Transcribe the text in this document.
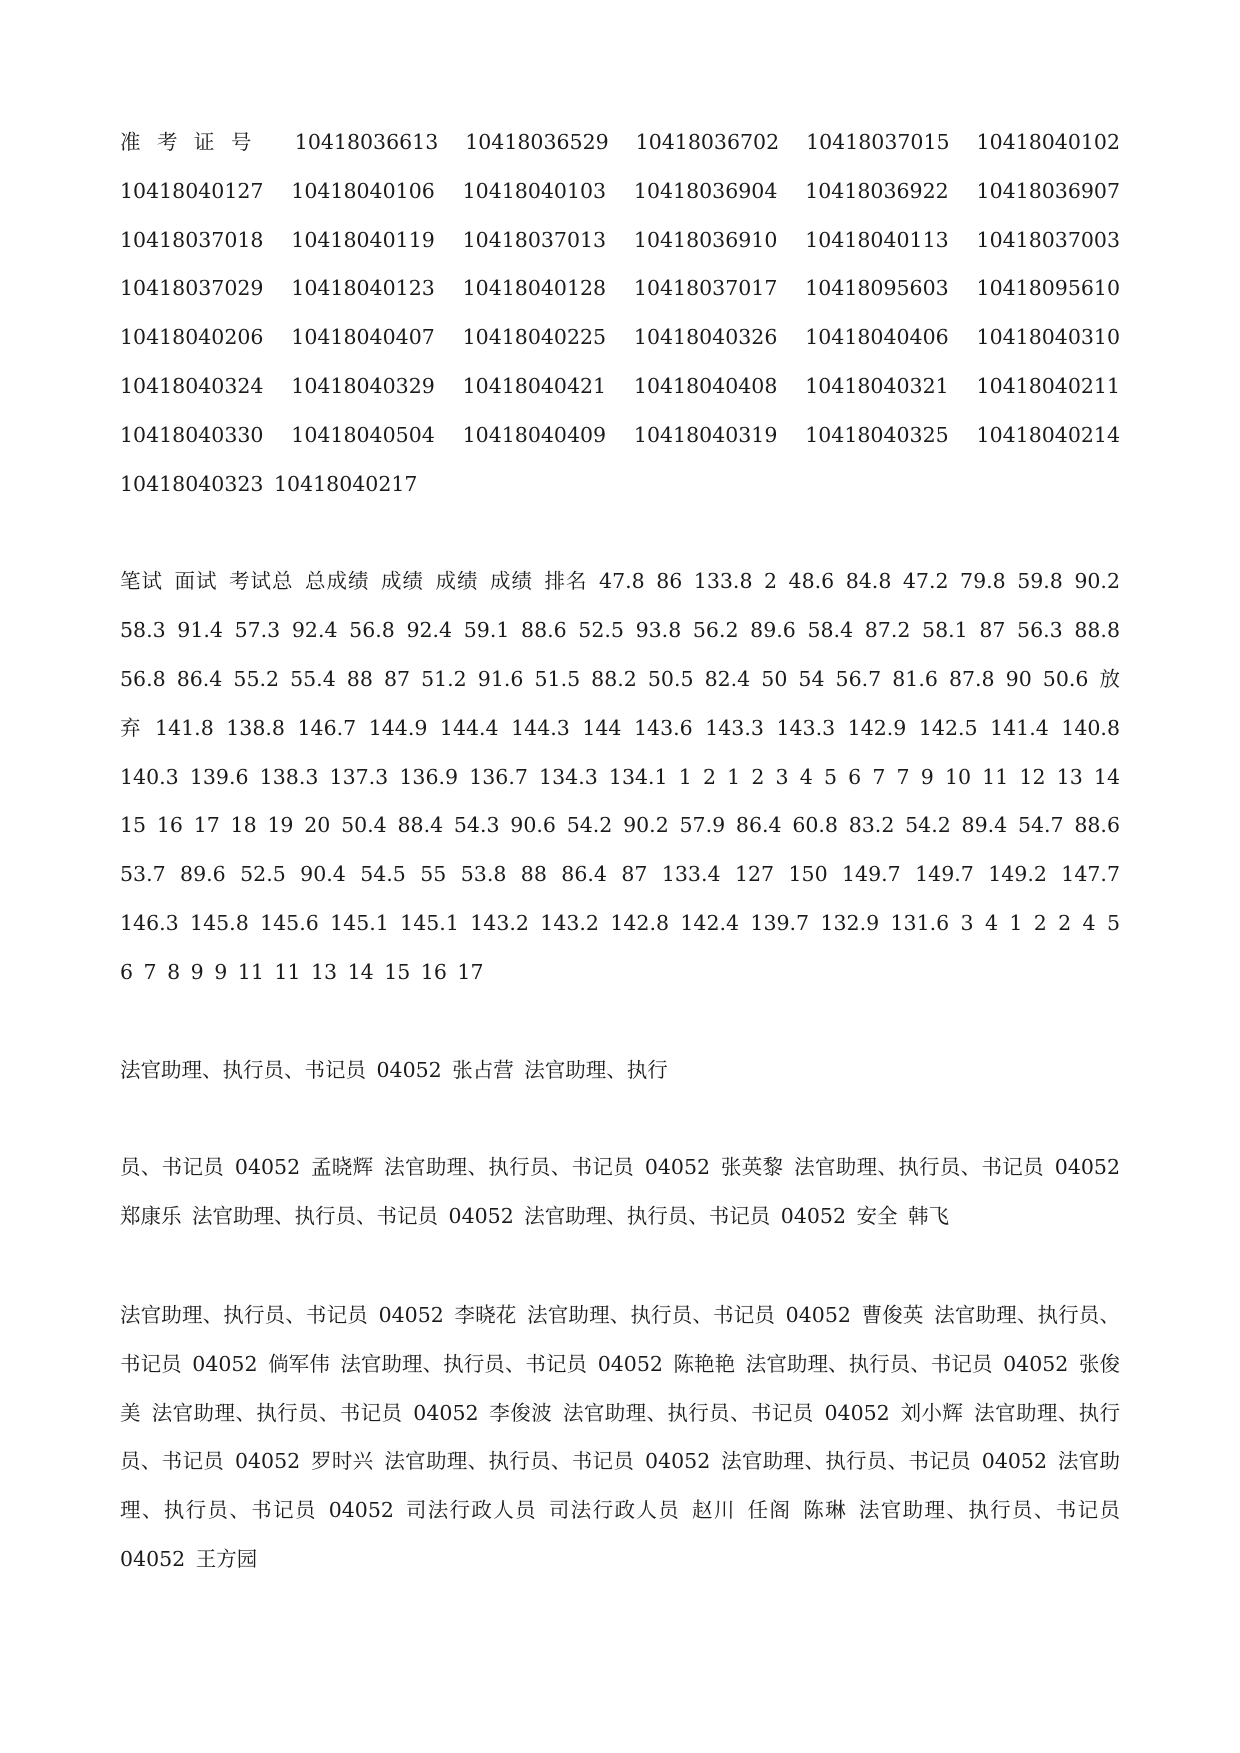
准考证号 10418036613 10418036529 10418036702 10418037015 10418040102 10418040127 10418040106 10418040103 10418036904 10418036922 10418036907 10418037018 10418040119 10418037013 10418036910 10418040113 10418037003 10418037029 10418040123 10418040128 10418037017 10418095603 10418095610 10418040206 10418040407 10418040225 10418040326 10418040406 10418040310 10418040324 10418040329 10418040421 10418040408 10418040321 10418040211 10418040330 10418040504 10418040409 10418040319 10418040325 10418040214 10418040323 10418040217

笔试 面试 考试总 总成绩 成绩 成绩 成绩 排名 47.8 86 133.8 2 48.6 84.8 47.2 79.8 59.8 90.2 58.3 91.4 57.3 92.4 56.8 92.4 59.1 88.6 52.5 93.8 56.2 89.6 58.4 87.2 58.1 87 56.3 88.8 56.8 86.4 55.2 55.4 88 87 51.2 91.6 51.5 88.2 50.5 82.4 50 54 56.7 81.6 87.8 90 50.6 放弃 141.8 138.8 146.7 144.9 144.4 144.3 144 143.6 143.3 143.3 142.9 142.5 141.4 140.8 140.3 139.6 138.3 137.3 136.9 136.7 134.3 134.1 1 2 1 2 3 4 5 6 7 7 9 10 11 12 13 14 15 16 17 18 19 20 50.4 88.4 54.3 90.6 54.2 90.2 57.9 86.4 60.8 83.2 54.2 89.4 54.7 88.6 53.7 89.6 52.5 90.4 54.5 55 53.8 88 86.4 87 133.4 127 150 149.7 149.7 149.2 147.7 146.3 145.8 145.6 145.1 145.1 143.2 143.2 142.8 142.4 139.7 132.9 131.6 3 4 1 2 2 4 5 6 7 8 9 9 11 11 13 14 15 16 17

法官助理、执行员、书记员 04052 张占营 法官助理、执行

员、书记员 04052 孟晓辉 法官助理、执行员、书记员 04052 张英黎 法官助理、执行员、书记员 04052 郑康乐 法官助理、执行员、书记员 04052 法官助理、执行员、书记员 04052 安全 韩飞

法官助理、执行员、书记员 04052 李晓花 法官助理、执行员、书记员 04052 曹俊英 法官助理、执行员、书记员 04052 倘军伟 法官助理、执行员、书记员 04052 陈艳艳 法官助理、执行员、书记员 04052 张俊美 法官助理、执行员、书记员 04052 李俊波 法官助理、执行员、书记员 04052 刘小辉 法官助理、执行员、书记员 04052 罗时兴 法官助理、执行员、书记员 04052 法官助理、执行员、书记员 04052 法官助理、执行员、书记员 04052 司法行政人员 司法行政人员 赵川 任阁 陈琳 法官助理、执行员、书记员 04052 王方园
